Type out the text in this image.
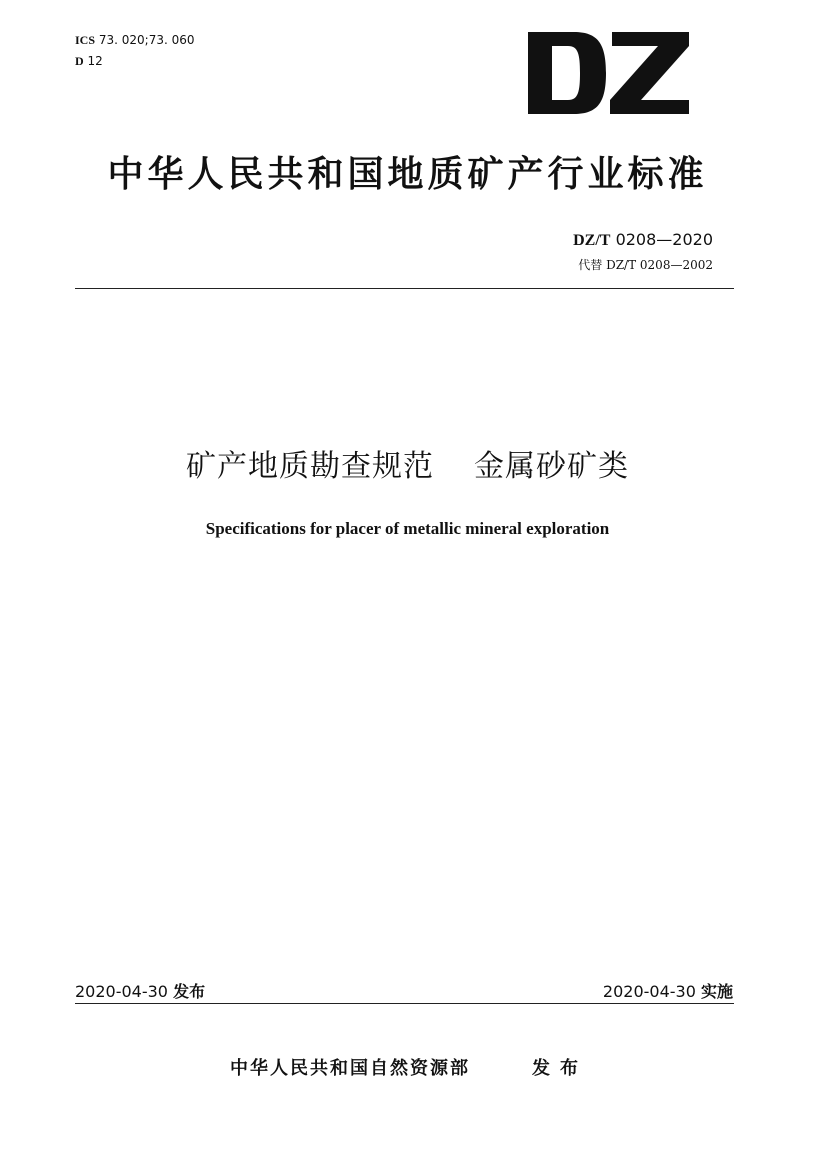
ICS 73. 020;73. 060
D 12
中华人民共和国地质矿产行业标准
DZ/T 0208—2020
代替 DZ/T 0208—2002
矿产地质勘查规范 金属砂矿类
Specifications for placer of metallic mineral exploration
2020-04-30 发布	2020-04-30 实施
中华人民共和国自然资源部	发布
